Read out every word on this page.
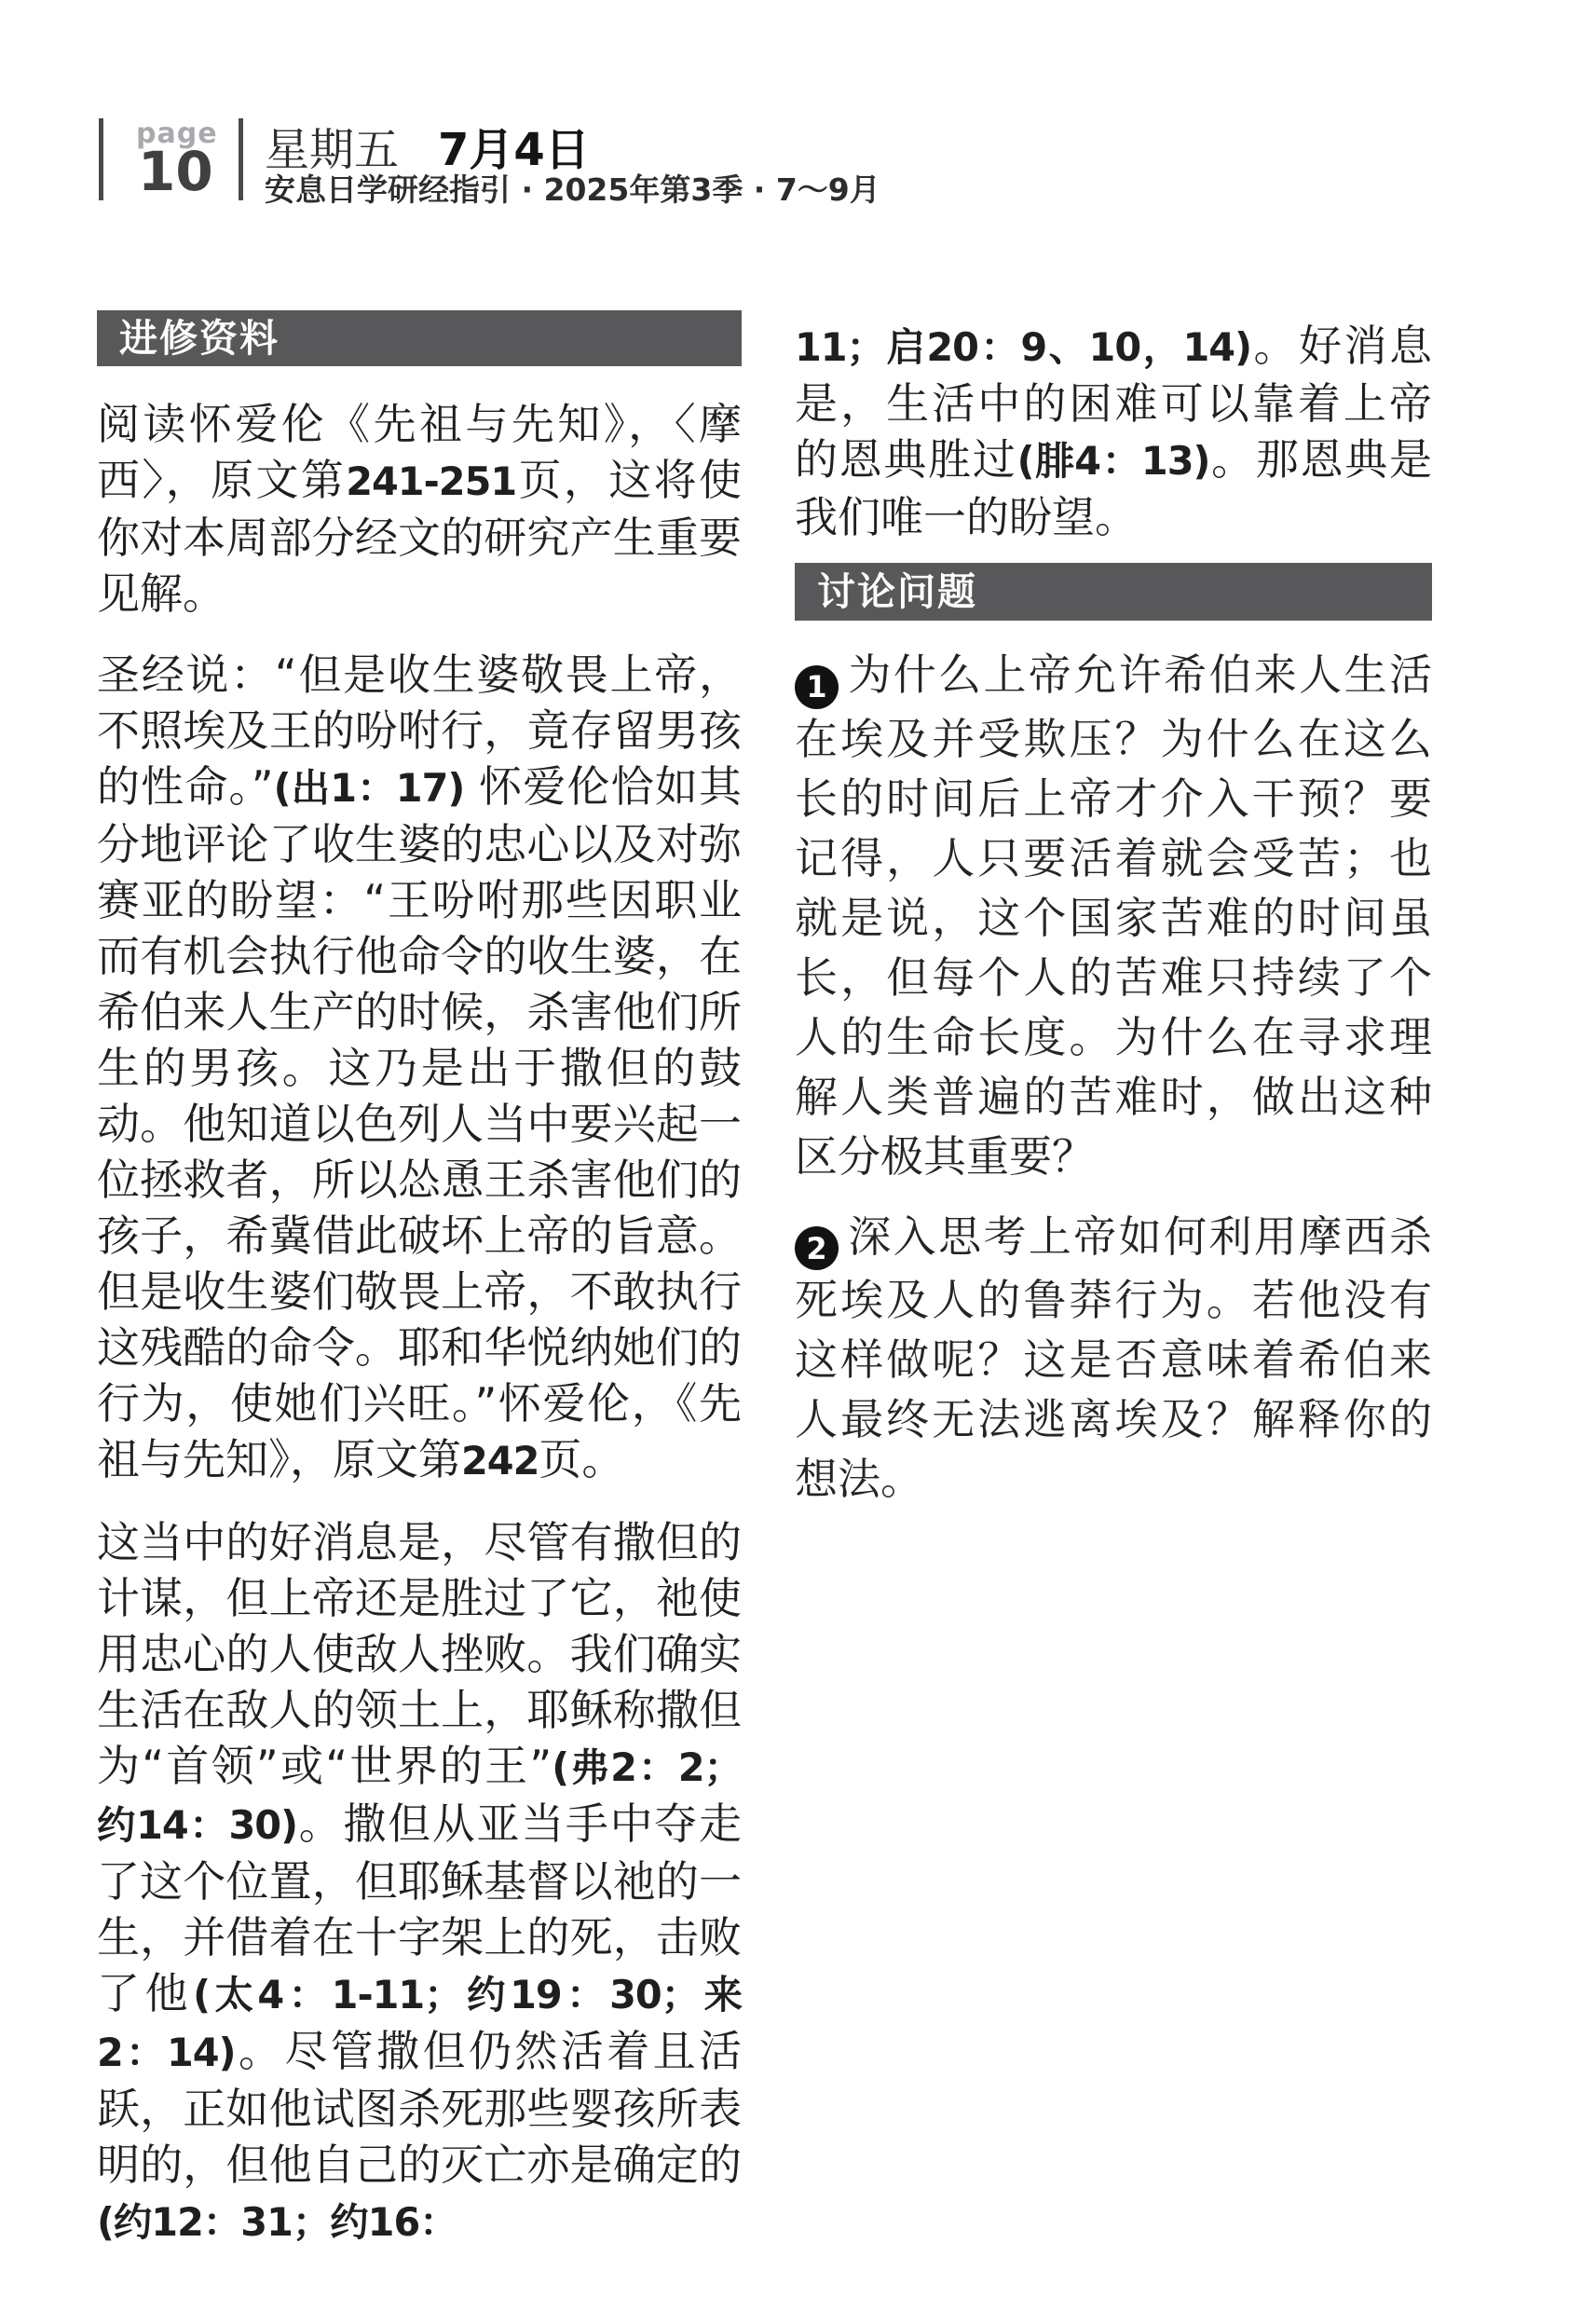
page
10 星期五 7月4日
安息日学研经指引 · 2025年第3季 · 7～9月
进修资料

阅读怀爱伦《先祖与先知》，〈摩西〉，原文第241-251页，这将使你对本周部分经文的研究产生重要见解。

圣经说：“但是收生婆敬畏上帝，不照埃及王的吩咐行，竟存留男孩的性命。”(出1：17) 怀爱伦恰如其分地评论了收生婆的忠心以及对弥赛亚的盼望：“王吩咐那些因职业而有机会执行他命令的收生婆，在希伯来人生产的时候，杀害他们所生的男孩。这乃是出于撒但的鼓动。他知道以色列人当中要兴起一位拯救者，所以怂恿王杀害他们的孩子，希冀借此破坏上帝的旨意。但是收生婆们敬畏上帝，不敢执行这残酷的命令。耶和华悦纳她们的行为，使她们兴旺。”怀爱伦，《先祖与先知》，原文第242页。

这当中的好消息是，尽管有撒但的计谋，但上帝还是胜过了它，祂使用忠心的人使敌人挫败。我们确实生活在敌人的领土上，耶稣称撒但为“首领”或“世界的王”(弗2：2；约14：30)。撒但从亚当手中夺走了这个位置，但耶稣基督以祂的一生，并借着在十字架上的死，击败了他(太4：1-11；约19：30；来2：14)。尽管撒但仍然活着且活跃，正如他试图杀死那些婴孩所表明的，但他自己的灭亡亦是确定的 (约12：31；约16：

11；启20：9、10，14)。好消息是，生活中的困难可以靠着上帝的恩典胜过(腓4：13)。那恩典是我们唯一的盼望。

讨论问题
1 为什么上帝允许希伯来人生活在埃及并受欺压？为什么在这么长的时间后上帝才介入干预？要记得，人只要活着就会受苦；也就是说，这个国家苦难的时间虽长，但每个人的苦难只持续了个人的生命长度。为什么在寻求理解人类普遍的苦难时，做出这种区分极其重要？
2 深入思考上帝如何利用摩西杀死埃及人的鲁莽行为。若他没有这样做呢？这是否意味着希伯来人最终无法逃离埃及？解释你的想法。
